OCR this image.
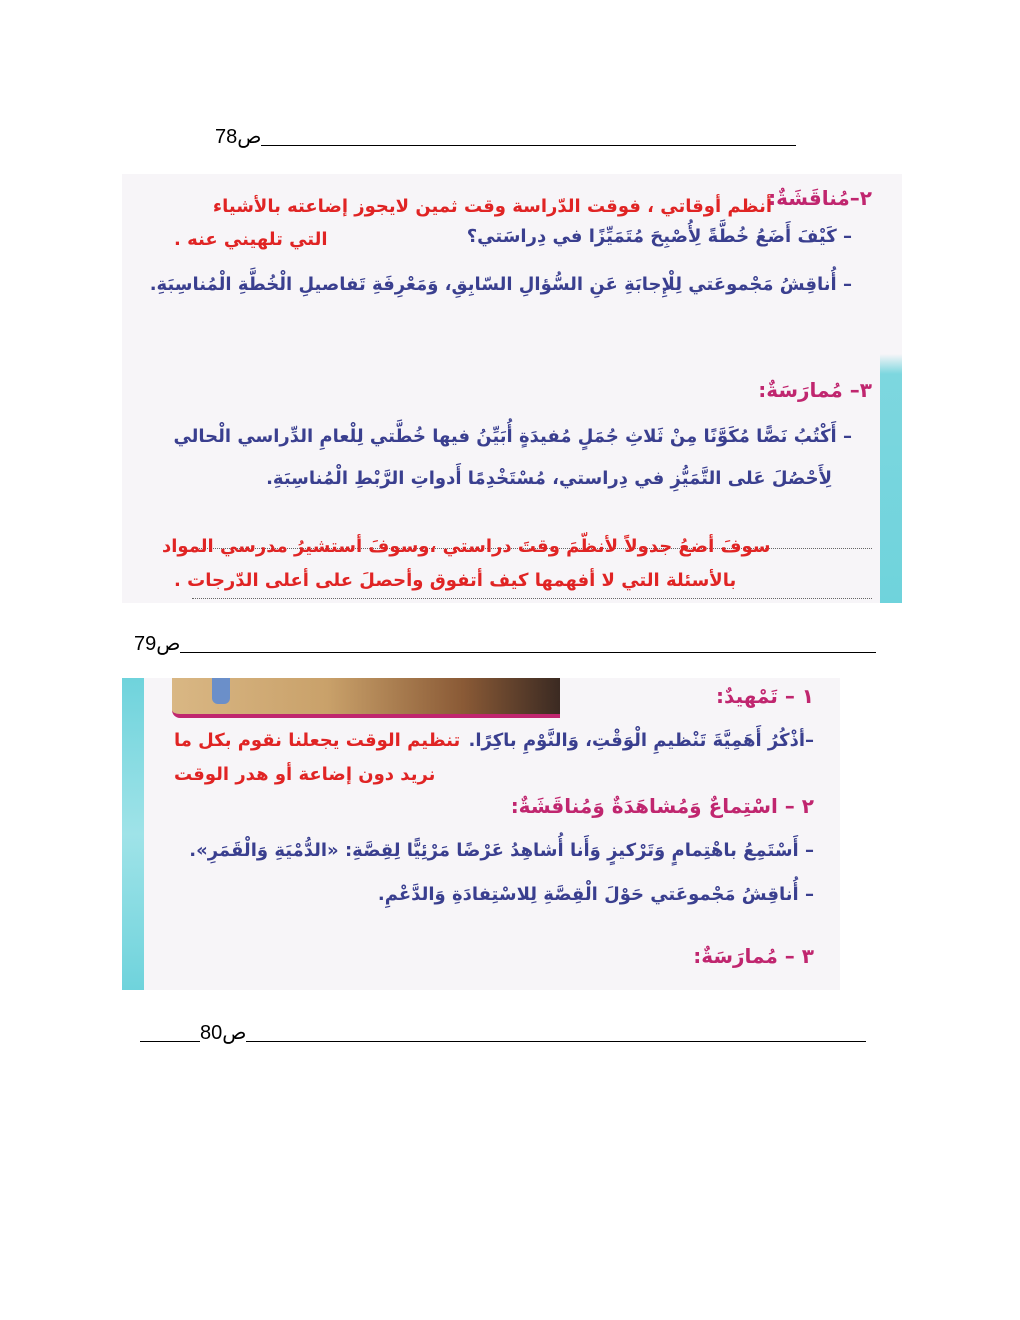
ص78
٢–مُناقَشَةٌ:
أنظم أوقاتي ، فوقت الدّراسة وقت ثمين لايجوز إضاعته بالأشياء
التي تلهيني عنه .	– كَيْفَ أَضَعُ خُطَّةً لِأُصْبِحَ مُتَمَيِّزًا في دِراسَتي؟
– أُناقِشُ مَجْموعَتي لِلْإِجابَةِ عَنِ السُّؤالِ السّابِقِ، وَمَعْرِفَةِ تَفاصيلِ الْخُطَّةِ الْمُناسِبَةِ.
٣– مُمارَسَةٌ:
– أَكْتُبُ نَصًّا مُكَوَّنًا مِنْ ثَلاثِ جُمَلٍ مُفيدَةٍ أُبَيِّنُ فيها خُطَّتي لِلْعامِ الدِّراسي الْحالي
لِأَحْصُلَ عَلى التَّمَيُّزِ في دِراستي، مُسْتَخْدِمًا أَدواتِ الرَّبْطِ الْمُناسِبَةِ.
سوفَ أضعُ جدولاً لأنظّمَ وقتَ دراستي ،وسوفَ أستشيرُ مدرسي المواد
بالأسئلة التي لا أفهمها كيف أتفوق وأحصلَ على أعلى الدّرجات .
ص79
١ – تَمْهيدٌ:
–أذْكُرُ أَهَمِيَّةَ تَنْظيمِ الْوَقْتِ، وَالنَّوْمِ باكِرًا.
تنظيم الوقت يجعلنا نقوم بكل ما
نريد دون إضاعة أو هدر الوقت
٢ – اسْتِماعٌ وَمُشاهَدَةٌ وَمُناقَشَةٌ:
– أَسْتَمِعُ باهْتِمامٍ وَتَرْكيزٍ وَأَنا أُشاهِدُ عَرْضًا مَرْئِيًّا لِقِصَّةِ: «الدُّمْيَةِ وَالْقَمَرِ».
– أُناقِشُ مَجْموعَتي حَوْلَ الْقِصَّةِ لِلاسْتِفادَةِ وَالدَّعْمِ.
٣ – مُمارَسَةٌ:
ص80
